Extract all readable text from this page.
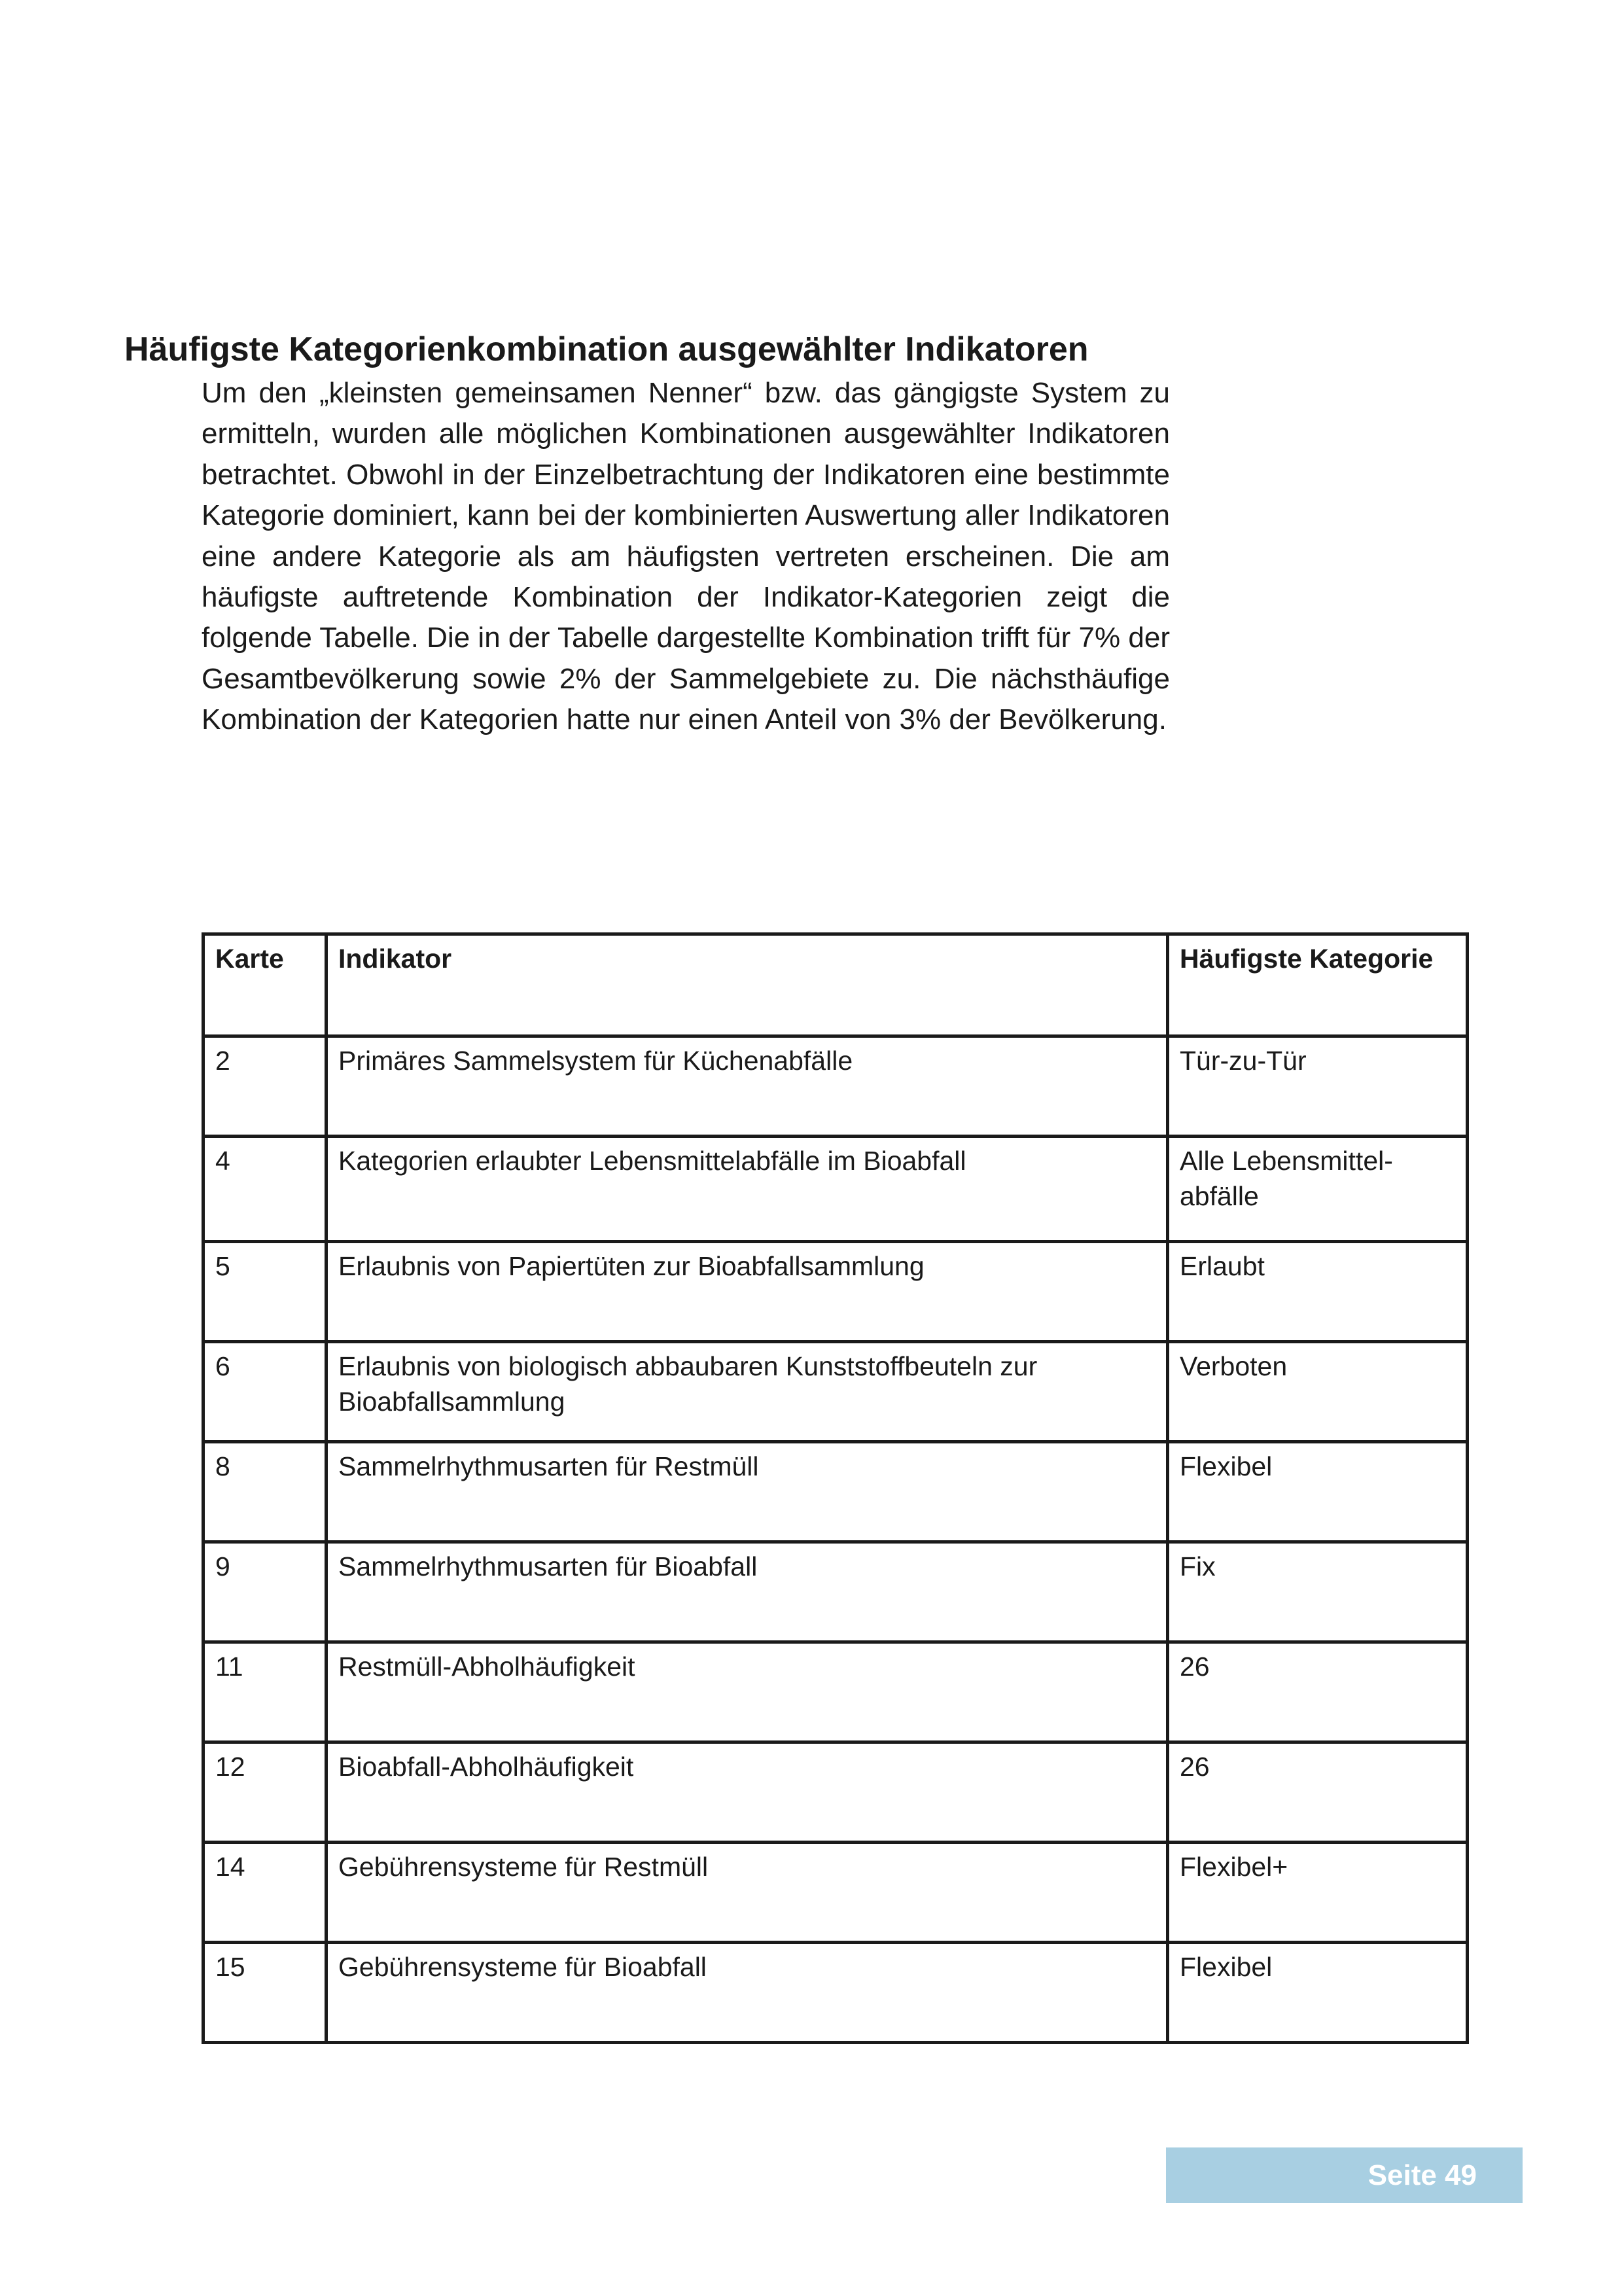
Häufigste Kategorienkombination ausgewählter Indikatoren

Um den „kleinsten gemeinsamen Nenner“ bzw. das gängigste System zu ermitteln, wurden alle möglichen Kombinationen ausgewählter Indikatoren betrachtet. Obwohl in der Einzelbetrachtung der Indikatoren eine bestimmte Kategorie dominiert, kann bei der kombinierten Auswertung aller Indikatoren eine andere Kategorie als am häufigsten vertreten erscheinen. Die am häufigste auftretende Kombination der Indikator-Kategorien zeigt die folgende Tabelle. Die in der Tabelle dargestellte Kombination trifft für 7% der Gesamtbevölkerung sowie 2% der Sammelgebiete zu. Die nächsthäufige Kombination der Kategorien hatte nur einen Anteil von 3% der Bevölkerung.

Karte	Indikator	Häufigste Kategorie
2	Primäres Sammelsystem für Küchenabfälle	Tür-zu-Tür
4	Kategorien erlaubter Lebensmittelabfälle im Bioabfall	Alle Lebensmittel-abfälle
5	Erlaubnis von Papiertüten zur Bioabfallsammlung	Erlaubt
6	Erlaubnis von biologisch abbaubaren Kunststoffbeuteln zur Bioabfallsammlung	Verboten
8	Sammelrhythmusarten für Restmüll	Flexibel
9	Sammelrhythmusarten für Bioabfall	Fix
11	Restmüll-Abholhäufigkeit	26
12	Bioabfall-Abholhäufigkeit	26
14	Gebührensysteme für Restmüll	Flexibel+
15	Gebührensysteme für Bioabfall	Flexibel
Seite 49
